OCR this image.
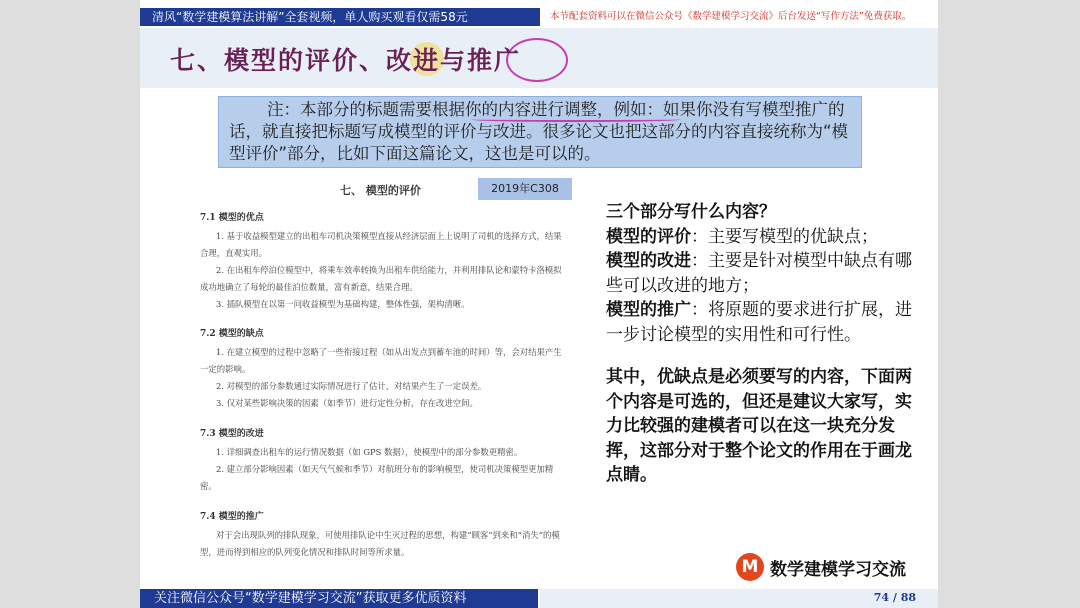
清风“数学建模算法讲解”全套视频，单人购买观看仅需58元	本节配套资料可以在微信公众号《数学建模学习交流》后台发送“写作方法”免费获取。
七、模型的评价、改进与推广
注：本部分的标题需要根据你的内容进行调整，例如：如果你没有写模型推广的话，就直接把标题写成模型的评价与改进。很多论文也把这部分的内容直接统称为“模型评价”部分，比如下面这篇论文，这也是可以的。
七、 模型的评价	2019年C308
7.1 模型的优点

1. 基于收益模型建立的出租车司机决策模型直接从经济层面上上说明了司机的选择方式，结果合理，直观实用。

2. 在出租车停泊位模型中，将乘车效率转换为出租车供给能力，并利用排队论和蒙特卡洛模拟成功地确立了每轮的最佳泊位数量，富有新意，结果合理。

3. 插队模型在以第一问收益模型为基础构建，整体性强，架构清晰。

7.2 模型的缺点

1. 在建立模型的过程中忽略了一些衔接过程（如从出发点到蓄车池的时间）等，会对结果产生一定的影响。

2. 对模型的部分参数通过实际情况进行了估计，对结果产生了一定误差。

3. 仅对某些影响决策的因素（如季节）进行定性分析，存在改进空间。

7.3 模型的改进

1. 详细调查出租车的运行情况数据（如 GPS 数据），使模型中的部分参数更精密。

2. 建立部分影响因素（如天气气候和季节）对航班分布的影响模型，使司机决策模型更加精密。

7.4 模型的推广

对于会出现队列的排队现象，可使用排队论中生灭过程的思想，构建“顾客”到来和“消失”的模型，进而得到相应的队列变化情况和排队时间等所求量。

三个部分写什么内容？

模型的评价：主要写模型的优缺点；

模型的改进：主要是针对模型中缺点有哪些可以改进的地方；

模型的推广：将原题的要求进行扩展，进一步讨论模型的实用性和可行性。

其中，优缺点是必须要写的内容，下面两个内容是可选的，但还是建议大家写，实力比较强的建模者可以在这一块充分发挥，这部分对于整个论文的作用在于画龙点睛。

M 数学建模学习交流
关注微信公众号“数学建模学习交流”获取更多优质资料	74 / 88
